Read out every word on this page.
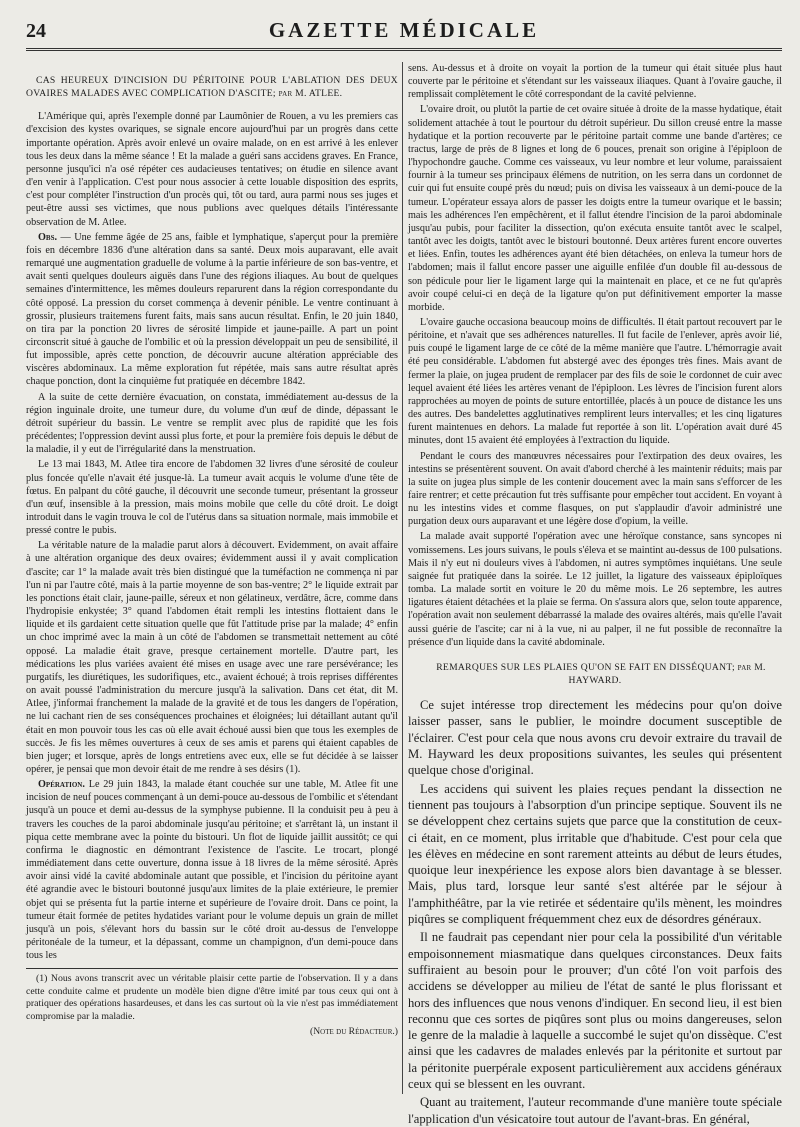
24	GAZETTE MÉDICALE

CAS HEUREUX D'INCISION DU PÉRITOINE POUR L'ABLATION DES DEUX OVAIRES MALADES AVEC COMPLICATION D'ASCITE; par M. ATLEE.

L'Amérique qui, après l'exemple donné par Laumônier de Rouen, a vu les premiers cas d'excision des kystes ovariques, se signale encore aujourd'hui par un progrès dans cette importante opération. Après avoir enlevé un ovaire malade, on en est arrivé à les enlever tous les deux dans la même séance ! Et la malade a guéri sans accidens graves. En France, personne jusqu'ici n'a osé répéter ces audacieuses tentatives; on étudie en silence avant d'en venir à l'application. C'est pour nous associer à cette louable disposition des esprits, c'est pour compléter l'instruction d'un procès qui, tôt ou tard, aura parmi nous ses juges et peut-être aussi ses victimes, que nous publions avec quelques détails l'intéressante observation de M. Atlee.

Obs. — Une femme âgée de 25 ans, faible et lymphatique, s'aperçut pour la première fois en décembre 1836 d'une altération dans sa santé. Deux mois auparavant, elle avait remarqué une augmentation graduelle de volume à la partie inférieure de son bas-ventre, et avait senti quelques douleurs aiguës dans l'une des régions iliaques. Au bout de quelques semaines d'intermittence, les mêmes douleurs reparurent dans la région correspondante du côté opposé. La pression du corset commença à devenir pénible. Le ventre continuant à grossir, plusieurs traitemens furent faits, mais sans aucun résultat. Enfin, le 20 juin 1840, on tira par la ponction 20 livres de sérosité limpide et jaune-paille. A part un point circonscrit situé à gauche de l'ombilic et où la pression développait un peu de sensibilité, il fut impossible, après cette ponction, de découvrir aucune altération appréciable des viscères abdominaux. La même exploration fut répétée, mais sans autre résultat après chaque ponction, dont la cinquième fut pratiquée en décembre 1842.

A la suite de cette dernière évacuation, on constata, immédiatement au-dessus de la région inguinale droite, une tumeur dure, du volume d'un œuf de dinde, dépassant le détroit supérieur du bassin. Le ventre se remplit avec plus de rapidité que les fois précédentes; l'oppression devint aussi plus forte, et pour la première fois depuis le début de la maladie, il y eut de l'irrégularité dans la menstruation.

Le 13 mai 1843, M. Atlee tira encore de l'abdomen 32 livres d'une sérosité de couleur plus foncée qu'elle n'avait été jusque-là. La tumeur avait acquis le volume d'une tête de fœtus. En palpant du côté gauche, il découvrit une seconde tumeur, présentant la grosseur d'un œuf, insensible à la pression, mais moins mobile que celle du côté droit. Le doigt introduit dans le vagin trouva le col de l'utérus dans sa situation normale, mais immobile et pressé contre le pubis.

La véritable nature de la maladie parut alors à découvert. Evidemment, on avait affaire à une altération organique des deux ovaires; évidemment aussi il y avait complication d'ascite; car 1° la malade avait très bien distingué que la tuméfaction ne commença ni par l'un ni par l'autre côté, mais à la partie moyenne de son bas-ventre; 2° le liquide extrait par les ponctions était clair, jaune-paille, séreux et non gélatineux, verdâtre, âcre, comme dans l'hydropisie enkystée; 3° quand l'abdomen était rempli les intestins flottaient dans le liquide et ils gardaient cette situation quelle que fût l'attitude prise par la malade; 4° enfin un choc imprimé avec la main à un côté de l'abdomen se transmettait nettement au côté opposé. La maladie était grave, presque certainement mortelle. D'autre part, les médications les plus variées avaient été mises en usage avec une rare persévérance; les purgatifs, les diurétiques, les sudorifiques, etc., avaient échoué; à trois reprises différentes on avait poussé l'administration du mercure jusqu'à la salivation. Dans cet état, dit M. Atlee, j'informai franchement la malade de la gravité et de tous les dangers de l'opération, ne lui cachant rien de ses conséquences prochaines et éloignées; lui détaillant autant qu'il était en mon pouvoir tous les cas où elle avait échoué aussi bien que tous les exemples de succès. Je fis les mêmes ouvertures à ceux de ses amis et parens qui étaient capables de bien juger; et lorsque, après de longs entretiens avec eux, elle se fut décidée à se laisser opérer, je pensai que mon devoir était de me rendre à ses désirs (1).

Opération. Le 29 juin 1843, la malade étant couchée sur une table, M. Atlee fit une incision de neuf pouces commençant à un demi-pouce au-dessous de l'ombilic et s'étendant jusqu'à un pouce et demi au-dessus de la symphyse pubienne. Il la conduisit peu à peu à travers les couches de la paroi abdominale jusqu'au péritoine; et s'arrêtant là, un instant il piqua cette membrane avec la pointe du bistouri. Un flot de liquide jaillit aussitôt; ce qui confirma le diagnostic en démontrant l'existence de l'ascite. Le trocart, plongé immédiatement dans cette ouverture, donna issue à 18 livres de la même sérosité. Après avoir ainsi vidé la cavité abdominale autant que possible, et l'incision du péritoine ayant été agrandie avec le bistouri boutonné jusqu'aux limites de la plaie extérieure, le premier objet qui se présenta fut la partie interne et supérieure de l'ovaire droit. Dans ce point, la tumeur était formée de petites hydatides variant pour le volume depuis un grain de millet jusqu'à un pois, s'élevant hors du bassin sur le côté droit au-dessus de l'enveloppe péritonéale de la tumeur, et la dépassant, comme un champignon, d'un demi-pouce dans tous les

(1) Nous avons transcrit avec un véritable plaisir cette partie de l'observation. Il y a dans cette conduite calme et prudente un modèle bien digne d'être imité par tous ceux qui ont à pratiquer des opérations hasardeuses, et dans les cas surtout où la vie n'est pas immédiatement compromise par la maladie.

(Note du Rédacteur.)

sens. Au-dessus et à droite on voyait la portion de la tumeur qui était située plus haut couverte par le péritoine et s'étendant sur les vaisseaux iliaques. Quant à l'ovaire gauche, il remplissait complètement le côté correspondant de la cavité pelvienne.

L'ovaire droit, ou plutôt la partie de cet ovaire située à droite de la masse hydatique, était solidement attachée à tout le pourtour du détroit supérieur. Du sillon creusé entre la masse hydatique et la portion recouverte par le péritoine partait comme une bande d'artères; ce tractus, large de près de 8 lignes et long de 6 pouces, prenait son origine à l'épiploon de l'hypochondre gauche. Comme ces vaisseaux, vu leur nombre et leur volume, paraissaient fournir à la tumeur ses principaux élémens de nutrition, on les serra dans un cordonnet de cuir qui fut ensuite coupé près du nœud; puis on divisa les vaisseaux à un demi-pouce de la tumeur. L'opérateur essaya alors de passer les doigts entre la tumeur ovarique et le bassin; mais les adhérences l'en empêchèrent, et il fallut étendre l'incision de la paroi abdominale jusqu'au pubis, pour faciliter la dissection, qu'on exécuta ensuite tantôt avec le scalpel, tantôt avec les doigts, tantôt avec le bistouri boutonné. Deux artères furent encore ouvertes et liées. Enfin, toutes les adhérences ayant été bien détachées, on enleva la tumeur hors de l'abdomen; mais il fallut encore passer une aiguille enfilée d'un double fil au-dessous de son pédicule pour lier le ligament large qui la maintenait en place, et ce ne fut qu'après avoir coupé celui-ci en deçà de la ligature qu'on put définitivement emporter la masse morbide.

L'ovaire gauche occasiona beaucoup moins de difficultés. Il était partout recouvert par le péritoine, et n'avait que ses adhérences naturelles. Il fut facile de l'enlever, après avoir lié, puis coupé le ligament large de ce côté de la même manière que l'autre. L'hémorragie avait été peu considérable. L'abdomen fut abstergé avec des éponges très fines. Mais avant de fermer la plaie, on jugea prudent de remplacer par des fils de soie le cordonnet de cuir avec lequel avaient été liées les artères venant de l'épiploon. Les lèvres de l'incision furent alors rapprochées au moyen de points de suture entortillée, placés à un pouce de distance les uns des autres. Des bandelettes agglutinatives remplirent leurs intervalles; et les cinq ligatures furent maintenues en dehors. La malade fut reportée à son lit. L'opération avait duré 45 minutes, dont 15 avaient été employées à l'extraction du liquide.

Pendant le cours des manœuvres nécessaires pour l'extirpation des deux ovaires, les intestins se présentèrent souvent. On avait d'abord cherché à les maintenir réduits; mais par la suite on jugea plus simple de les contenir doucement avec la main sans s'efforcer de les faire rentrer; et cette précaution fut très suffisante pour empêcher tout accident. En voyant à nu les intestins vides et comme flasques, on put s'applaudir d'avoir administré une purgation deux ours auparavant et une légère dose d'opium, la veille.

La malade avait supporté l'opération avec une héroïque constance, sans syncopes ni vomissemens. Les jours suivans, le pouls s'éleva et se maintint au-dessus de 100 pulsations. Mais il n'y eut ni douleurs vives à l'abdomen, ni autres symptômes inquiétans. Une seule saignée fut pratiquée dans la soirée. Le 12 juillet, la ligature des vaisseaux épiploïques tomba. La malade sortit en voiture le 20 du même mois. Le 26 septembre, les autres ligatures étaient détachées et la plaie se ferma. On s'assura alors que, selon toute apparence, l'opération avait non seulement débarrassé la malade des ovaires altérés, mais qu'elle l'avait aussi guérie de l'ascite; car ni à la vue, ni au palper, il ne fut possible de reconnaître la présence d'un liquide dans la cavité abdominale.

REMARQUES SUR LES PLAIES QU'ON SE FAIT EN DISSÉQUANT; par M. HAYWARD.

Ce sujet intéresse trop directement les médecins pour qu'on doive laisser passer, sans le publier, le moindre document susceptible de l'éclairer. C'est pour cela que nous avons cru devoir extraire du travail de M. Hayward les deux propositions suivantes, les seules qui présentent quelque chose d'original.

Les accidens qui suivent les plaies reçues pendant la dissection ne tiennent pas toujours à l'absorption d'un principe septique. Souvent ils ne se développent chez certains sujets que parce que la constitution de ceux-ci était, en ce moment, plus irritable que d'habitude. C'est pour cela que les élèves en médecine en sont rarement atteints au début de leurs études, quoique leur inexpérience les expose alors bien davantage à se blesser. Mais, plus tard, lorsque leur santé s'est altérée par le séjour à l'amphithéâtre, par la vie retirée et sédentaire qu'ils mènent, les moindres piqûres se compliquent fréquemment chez eux de désordres généraux.

Il ne faudrait pas cependant nier pour cela la possibilité d'un véritable empoisonnement miasmatique dans quelques circonstances. Deux faits suffiraient au besoin pour le prouver; d'un côté l'on voit parfois des accidens se développer au milieu de l'état de santé le plus florissant et hors des influences que nous venons d'indiquer. En second lieu, il est bien reconnu que ces sortes de piqûres sont plus ou moins dangereuses, selon le genre de la maladie à laquelle a succombé le sujet qu'on dissèque. C'est ainsi que les cadavres de malades enlevés par la péritonite et surtout par la péritonite puerpérale exposent particulièrement aux accidens généraux ceux qui se blessent en les ouvrant.

Quant au traitement, l'auteur recommande d'une manière toute spéciale l'application d'un vésicatoire tout autour de l'avant-bras. En général,
